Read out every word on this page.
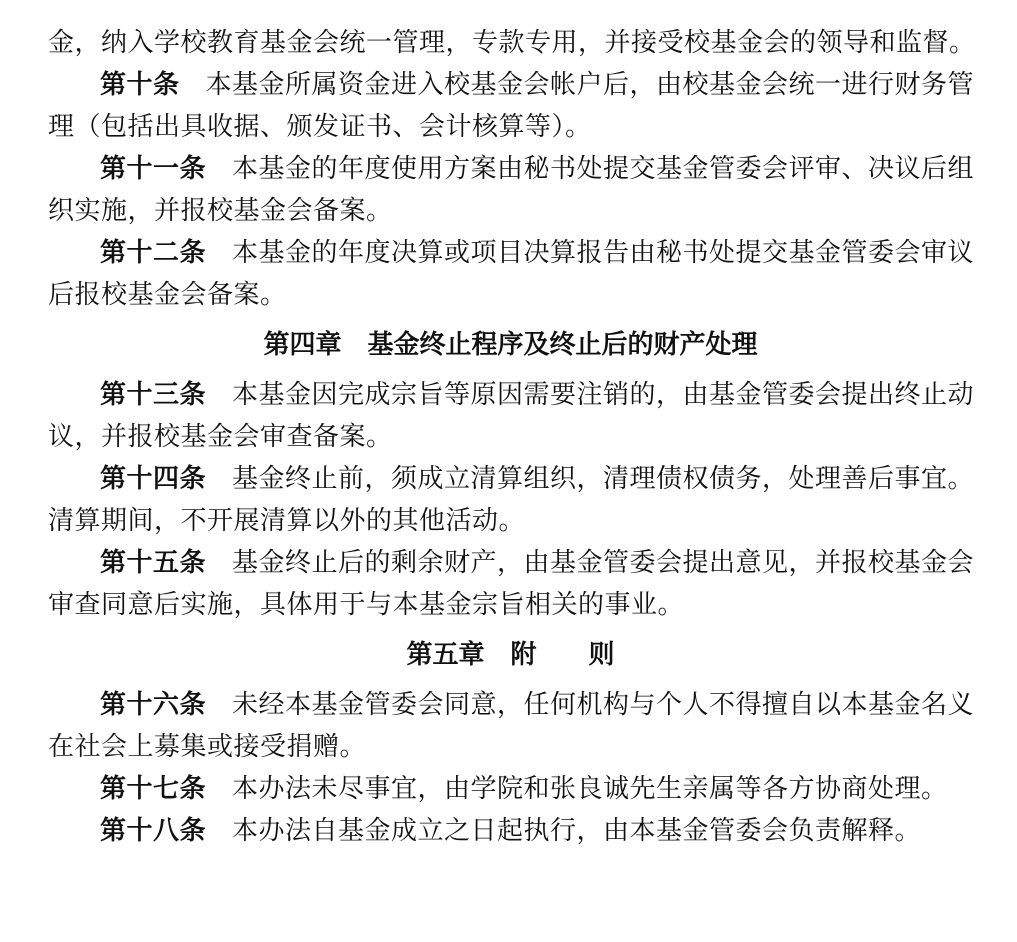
金，纳入学校教育基金会统一管理，专款专用，并接受校基金会的领导和监督。
第十条 本基金所属资金进入校基金会帐户后，由校基金会统一进行财务管
理（包括出具收据、颁发证书、会计核算等）。
第十一条 本基金的年度使用方案由秘书处提交基金管委会评审、决议后组
织实施，并报校基金会备案。
第十二条 本基金的年度决算或项目决算报告由秘书处提交基金管委会审议
后报校基金会备案。
第四章 基金终止程序及终止后的财产处理
第十三条 本基金因完成宗旨等原因需要注销的，由基金管委会提出终止动
议，并报校基金会审查备案。
第十四条 基金终止前，须成立清算组织，清理债权债务，处理善后事宜。
清算期间，不开展清算以外的其他活动。
第十五条 基金终止后的剩余财产，由基金管委会提出意见，并报校基金会
审查同意后实施，具体用于与本基金宗旨相关的事业。
第五章 附 则
第十六条 未经本基金管委会同意，任何机构与个人不得擅自以本基金名义
在社会上募集或接受捐赠。
第十七条 本办法未尽事宜，由学院和张良诚先生亲属等各方协商处理。
第十八条 本办法自基金成立之日起执行，由本基金管委会负责解释。
